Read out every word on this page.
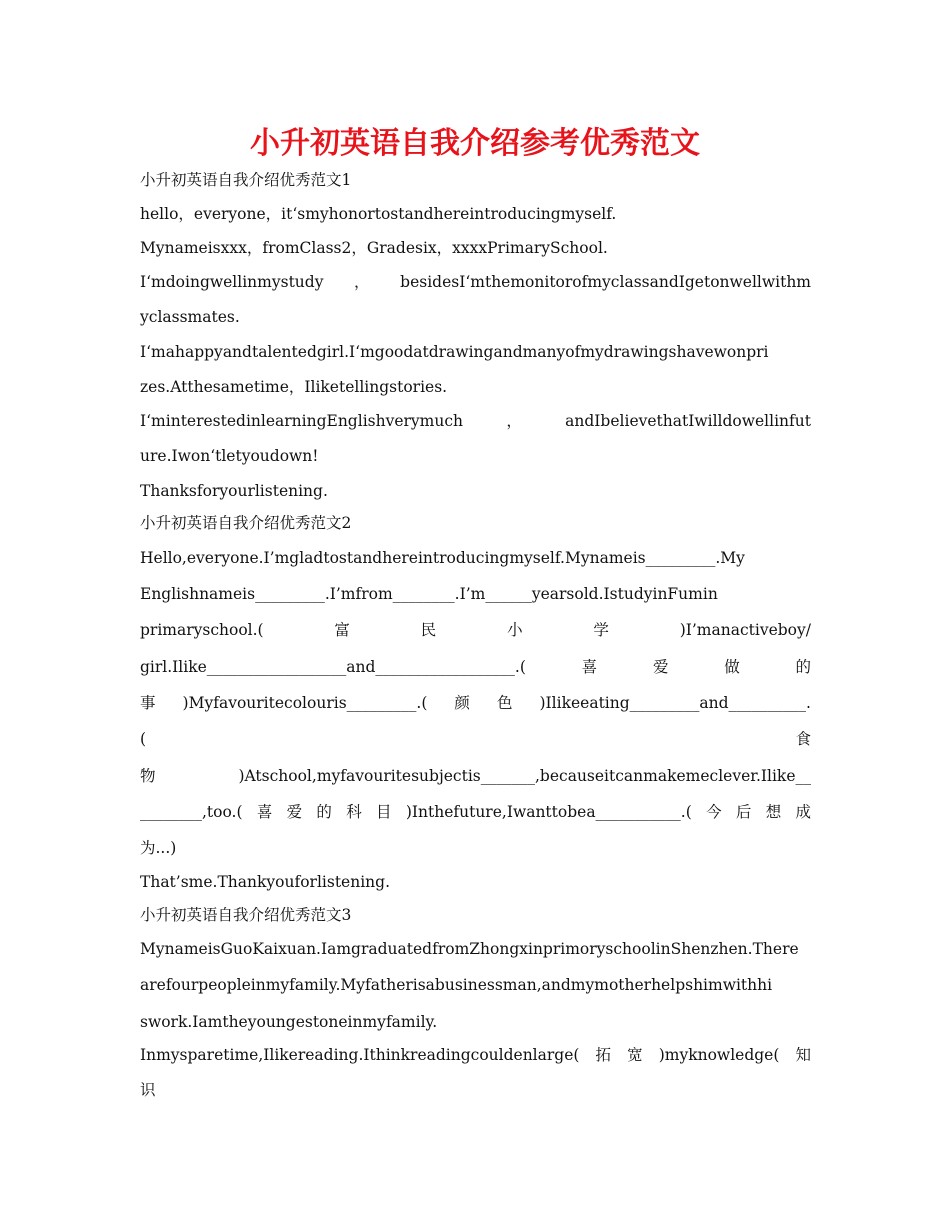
小升初英语自我介绍参考优秀范文
小升初英语自我介绍优秀范文1
hello，everyone，it‘smyhonortostandhereintroducingmyself.
Mynameisxxx，fromClass2，Gradesix，xxxxPrimarySchool.
I‘mdoingwellinmystudy，besidesI‘mthemonitorofmyclassandIgetonwellwithm
yclassmates.
I‘mahappyandtalentedgirl.I‘mgoodatdrawingandmanyofmydrawingshavewonpri
zes.Atthesametime，Iliketellingstories.
I‘minterestedinlearningEnglishverymuch，andIbelievethatIwilldowellinfut
ure.Iwon‘tletyoudown!
Thanksforyourlistening.
小升初英语自我介绍优秀范文2
Hello,everyone.I’mgladtostandhereintroducingmyself.Mynameis_________.My
Englishnameis_________.I’mfrom________.I’m______yearsold.IstudyinFumin
primaryschool.(　　富　　民　　小　　学　　)I’manactiveboy/
girl.Ilike__________________and__________________.(　喜　爱　做　的
事)Myfavouritecolouris_________.(颜色)Ilikeeating_________and__________.
(　　　　　　　　　　　　　　　　　　　　　　　　　　　　　　　　　　食
物)Atschool,myfavouritesubjectis_______,becauseitcanmakemeclever.Ilike__
________,too.(喜爱的科目)Inthefuture,Iwanttobea___________.(今后想成
为...)
That’sme.Thankyouforlistening.
小升初英语自我介绍优秀范文3
MynameisGuoKaixuan.IamgraduatedfromZhongxinprimoryschoolinShenzhen.There
arefourpeopleinmyfamily.Myfatherisabusinessman,andmymotherhelpshimwithhi
swork.Iamtheyoungestoneinmyfamily.
Inmysparetime,Ilikereading.Ithinkreadingcouldenlarge(拓宽)myknowledge(知
识
